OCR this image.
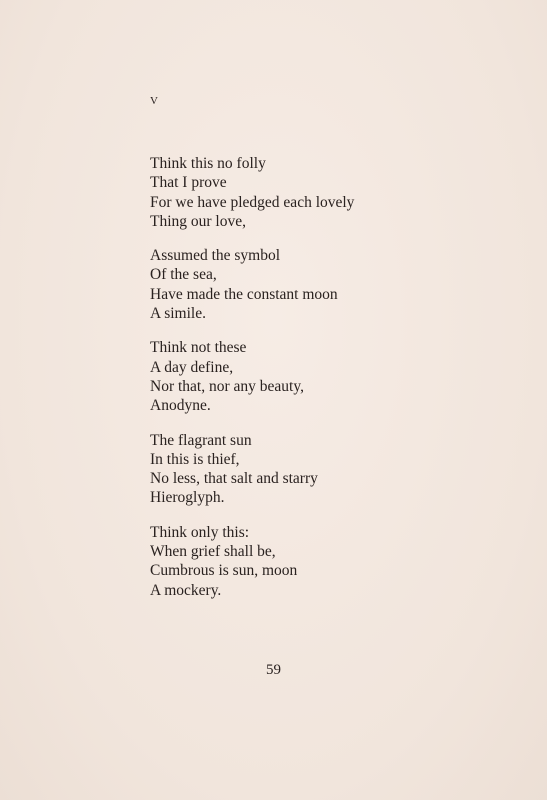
v
Think this no folly
That I prove
For we have pledged each lovely
Thing our love,
Assumed the symbol
Of the sea,
Have made the constant moon
A simile.
Think not these
A day define,
Nor that, nor any beauty,
Anodyne.
The flagrant sun
In this is thief,
No less, that salt and starry
Hieroglyph.
Think only this:
When grief shall be,
Cumbrous is sun, moon
A mockery.
59
